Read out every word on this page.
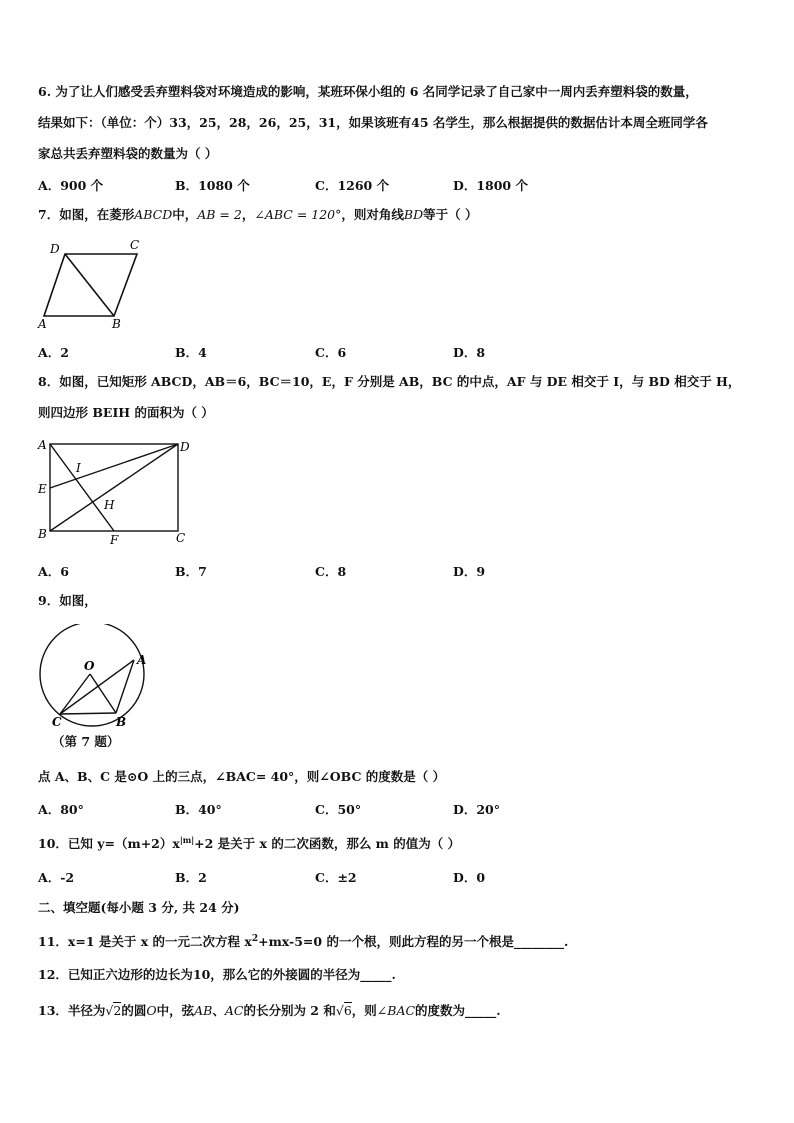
6. 为了让人们感受丢弃塑料袋对环境造成的影响，某班环保小组的 6 名同学记录了自己家中一周内丢弃塑料袋的数量，
结果如下：（单位：个）33，25，28，26，25，31，如果该班有45 名学生，那么根据提供的数据估计本周全班同学各
家总共丢弃塑料袋的数量为（ ）
A．900 个	B．1080 个	C．1260 个	D．1800 个
7．如图，在菱形ABCD中，AB = 2，∠ABC = 120°，则对角线BD等于（ ）
D	C
A	B
A．2	B．4	C．6	D．8
8．如图，已知矩形 ABCD，AB＝6，BC＝10，E，F 分别是 AB，BC 的中点，AF 与 DE 相交于 I，与 BD 相交于 H，
则四边形 BEIH 的面积为（ ）
A	D
E
I
H
B	F	C
A．6	B．7	C．8	D．9
9．如图，
O	A
C	B
（第 7 题）
点 A、B、C 是⊙O 上的三点，∠BAC= 40°，则∠OBC 的度数是（ ）
A．80°	B．40°	C．50°	D．20°
10．已知 $y=(m+2)x^{|m|}+2$ 是关于 x 的二次函数，那么 m 的值为（ ）
A．-2	B．2	C．±2	D．0
二、填空题(每小题 3 分, 共 24 分)
11．x=1 是关于 x 的一元二次方程 $x^2+mx-5=0$ 的一个根，则此方程的另一个根是________.
12．已知正六边形的边长为10，那么它的外接圆的半径为_____.
13．半径为√2的圆O中，弦AB、AC的长分别为 2 和√6，则∠BAC的度数为_____.
